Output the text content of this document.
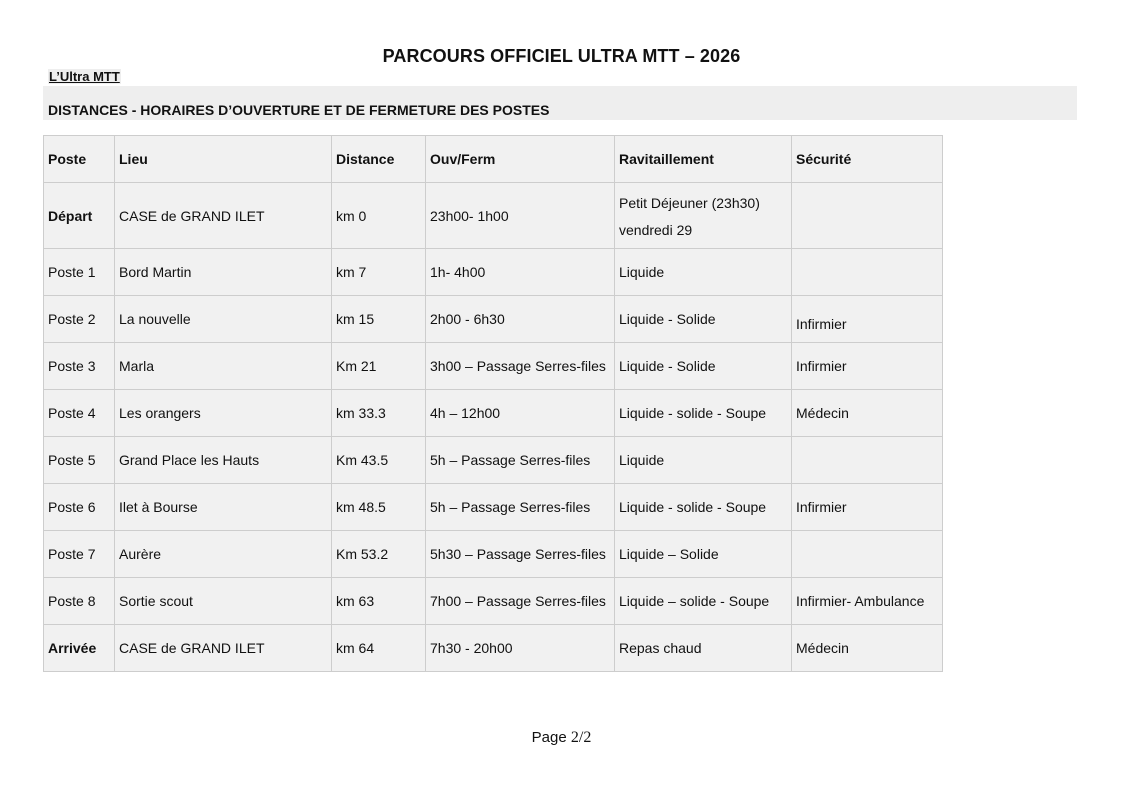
PARCOURS OFFICIEL ULTRA MTT – 2026
L’Ultra MTT
DISTANCES - HORAIRES D’OUVERTURE ET DE FERMETURE DES POSTES
Poste	Lieu	Distance	Ouv/Ferm	Ravitaillement	Sécurité
Départ	CASE de GRAND ILET	km 0	23h00- 1h00	Petit Déjeuner (23h30)
vendredi 29	

Poste 1	Bord Martin	km 7	1h- 4h00	Liquide	
Poste 2	La nouvelle	km 15	2h00 - 6h30	Liquide - Solide	Infirmier

Poste 3	Marla	Km 21	3h00 – Passage Serres-files	Liquide - Solide	Infirmier
Poste 4	Les orangers	km 33.3	4h – 12h00	Liquide - solide - Soupe	Médecin
Poste 5	Grand Place les Hauts	Km 43.5	5h – Passage Serres-files	Liquide	
Poste 6	Ilet à Bourse	km 48.5	5h – Passage Serres-files	Liquide - solide - Soupe	Infirmier
Poste 7	Aurère	Km 53.2	5h30 – Passage Serres-files	Liquide – Solide	
Poste 8	Sortie scout	km 63	7h00 – Passage Serres-files	Liquide – solide - Soupe	Infirmier- Ambulance
Arrivée	CASE de GRAND ILET	km 64	7h30 - 20h00	Repas chaud	Médecin
Page 2/2
